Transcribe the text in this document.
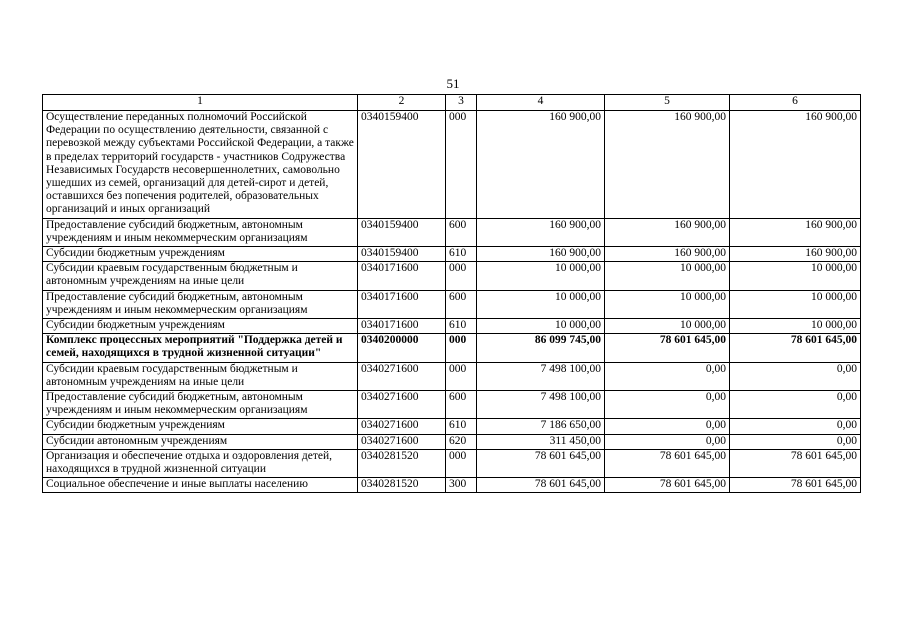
51
1	2	3	4	5	6
Осуществление переданных полномочий Российской Федерации по осуществлению деятельности, связанной с перевозкой между субъектами Российской Федерации, а также в пределах территорий государств - участников Содружества Независимых Государств несовершеннолетних, самовольно ушедших из семей, организаций для детей-сирот и детей, оставшихся без попечения родителей, образовательных организаций и иных организаций	0340159400	000	160 900,00	160 900,00	160 900,00
Предоставление субсидий бюджетным, автономным учреждениям и иным некоммерческим организациям	0340159400	600	160 900,00	160 900,00	160 900,00
Субсидии бюджетным учреждениям	0340159400	610	160 900,00	160 900,00	160 900,00
Субсидии краевым государственным бюджетным и автономным учреждениям на иные цели	0340171600	000	10 000,00	10 000,00	10 000,00
Предоставление субсидий бюджетным, автономным учреждениям и иным некоммерческим организациям	0340171600	600	10 000,00	10 000,00	10 000,00
Субсидии бюджетным учреждениям	0340171600	610	10 000,00	10 000,00	10 000,00
Комплекс процессных мероприятий "Поддержка детей и семей, находящихся в трудной жизненной ситуации"	0340200000	000	86 099 745,00	78 601 645,00	78 601 645,00
Субсидии краевым государственным бюджетным и автономным учреждениям на иные цели	0340271600	000	7 498 100,00	0,00	0,00
Предоставление субсидий бюджетным, автономным учреждениям и иным некоммерческим организациям	0340271600	600	7 498 100,00	0,00	0,00
Субсидии бюджетным учреждениям	0340271600	610	7 186 650,00	0,00	0,00
Субсидии автономным учреждениям	0340271600	620	311 450,00	0,00	0,00
Организация и обеспечение отдыха и оздоровления детей, находящихся в трудной жизненной ситуации	0340281520	000	78 601 645,00	78 601 645,00	78 601 645,00
Социальное обеспечение и иные выплаты населению	0340281520	300	78 601 645,00	78 601 645,00	78 601 645,00
